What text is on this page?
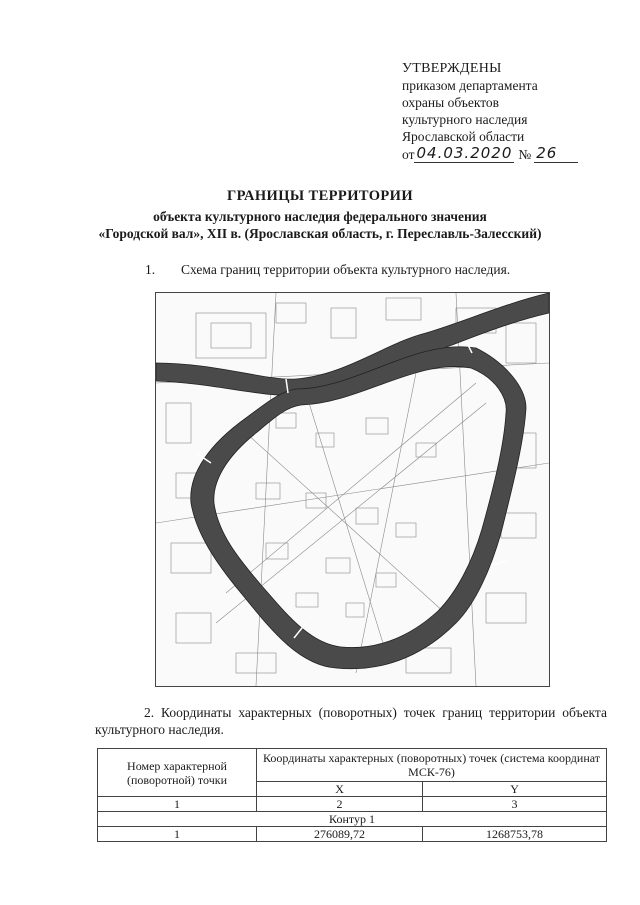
УТВЕРЖДЕНЫ
приказом департамента
охраны объектов
культурного наследия
Ярославской области
от 04.03.2020 № 26
ГРАНИЦЫ ТЕРРИТОРИИ
объекта культурного наследия федерального значения
«Городской вал», XII в. (Ярославская область, г. Переславль-Залесский)
1. Схема границ территории объекта культурного наследия.
2. Координаты характерных (поворотных) точек границ территории объекта культурного наследия.
Номер характерной (поворотной) точки	Координаты характерных (поворотных) точек (система координат МСК-76)	
	X	Y
1	2	3
Контур 1		
1	276089,72	1268753,78
